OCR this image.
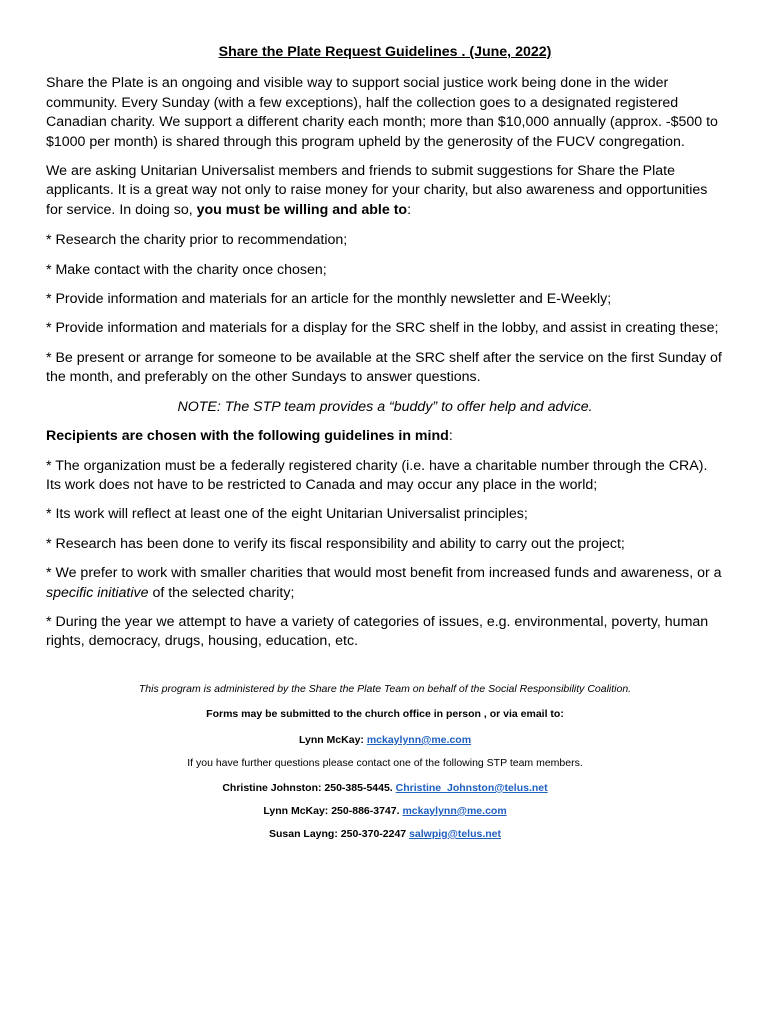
Share the Plate Request Guidelines . (June, 2022)

Share the Plate is an ongoing and visible way to support social justice work being done in the wider community. Every Sunday (with a few exceptions), half the collection goes to a designated registered Canadian charity. We support a different charity each month; more than $10,000 annually (approx. -$500 to $1000 per month) is shared through this program upheld by the generosity of the FUCV congregation.

We are asking Unitarian Universalist members and friends to submit suggestions for Share the Plate applicants. It is a great way not only to raise money for your charity, but also awareness and opportunities for service. In doing so, you must be willing and able to:

* Research the charity prior to recommendation;

* Make contact with the charity once chosen;

* Provide information and materials for an article for the monthly newsletter and E-Weekly;

* Provide information and materials for a display for the SRC shelf in the lobby, and assist in creating these;

* Be present or arrange for someone to be available at the SRC shelf after the service on the first Sunday of the month, and preferably on the other Sundays to answer questions.

NOTE: The STP team provides a “buddy” to offer help and advice.

Recipients are chosen with the following guidelines in mind:

* The organization must be a federally registered charity (i.e. have a charitable number through the CRA). Its work does not have to be restricted to Canada and may occur any place in the world;

* Its work will reflect at least one of the eight Unitarian Universalist principles;

* Research has been done to verify its fiscal responsibility and ability to carry out the project;

* We prefer to work with smaller charities that would most benefit from increased funds and awareness, or a specific initiative of the selected charity;

* During the year we attempt to have a variety of categories of issues, e.g. environmental, poverty, human rights, democracy, drugs, housing, education, etc.

This program is administered by the Share the Plate Team on behalf of the Social Responsibility Coalition.

Forms may be submitted to the church office in person , or via email to:

Lynn McKay: mckaylynn@me.com

If you have further questions please contact one of the following STP team members.

Christine Johnston: 250-385-5445. Christine_Johnston@telus.net

Lynn McKay: 250-886-3747. mckaylynn@me.com

Susan Layng: 250-370-2247 salwpig@telus.net
